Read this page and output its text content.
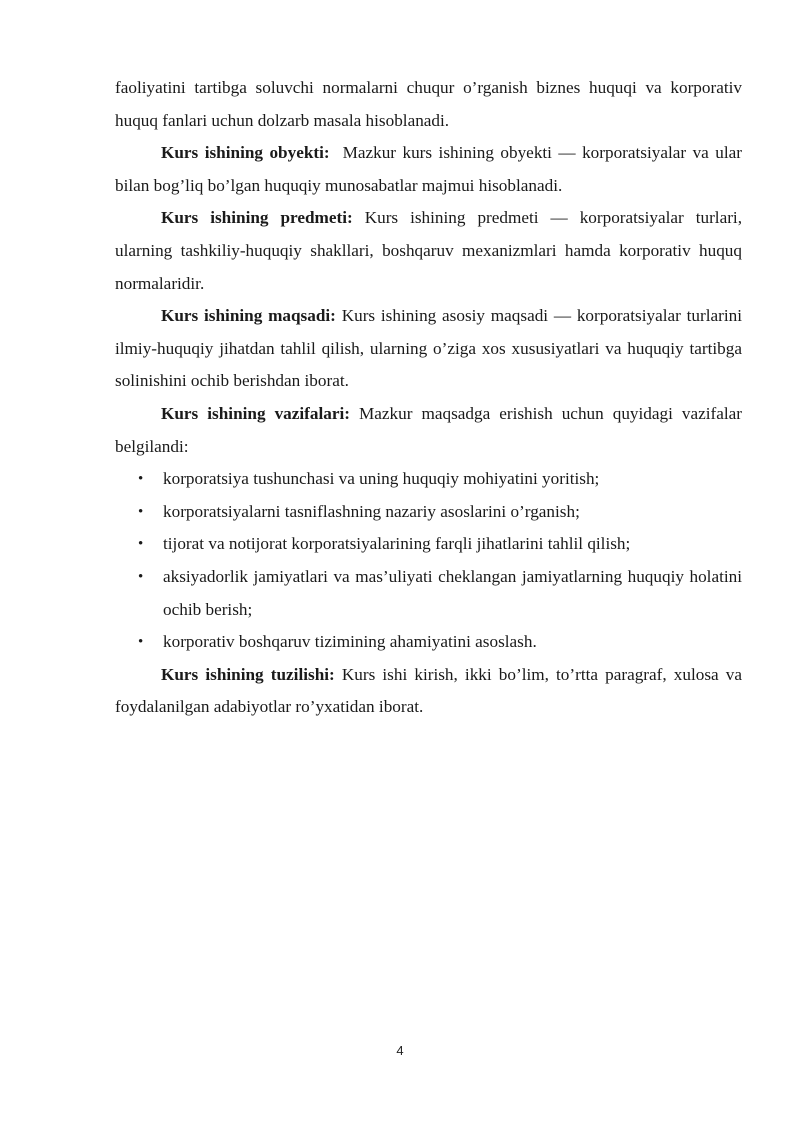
faoliyatini tartibga soluvchi normalarni chuqur o’rganish biznes huquqi va korporativ huquq fanlari uchun dolzarb masala hisoblanadi.

Kurs ishining obyekti: Mazkur kurs ishining obyekti — korporatsiyalar va ular bilan bog’liq bo’lgan huquqiy munosabatlar majmui hisoblanadi.

Kurs ishining predmeti: Kurs ishining predmeti — korporatsiyalar turlari, ularning tashkiliy-huquqiy shakllari, boshqaruv mexanizmlari hamda korporativ huquq normalaridir.

Kurs ishining maqsadi: Kurs ishining asosiy maqsadi — korporatsiyalar turlarini ilmiy-huquqiy jihatdan tahlil qilish, ularning o’ziga xos xususiyatlari va huquqiy tartibga solinishini ochib berishdan iborat.

Kurs ishining vazifalari: Mazkur maqsadga erishish uchun quyidagi vazifalar belgilandi:

• korporatsiya tushunchasi va uning huquqiy mohiyatini yoritish;
• korporatsiyalarni tasniflashning nazariy asoslarini o’rganish;
• tijorat va notijorat korporatsiyalarining farqli jihatlarini tahlil qilish;
• aksiyadorlik jamiyatlari va mas’uliyati cheklangan jamiyatlarning huquqiy holatini ochib berish;
• korporativ boshqaruv tizimining ahamiyatini asoslash.

Kurs ishining tuzilishi: Kurs ishi kirish, ikki bo’lim, to’rtta paragraf, xulosa va foydalanilgan adabiyotlar ro’yxatidan iborat.

4
